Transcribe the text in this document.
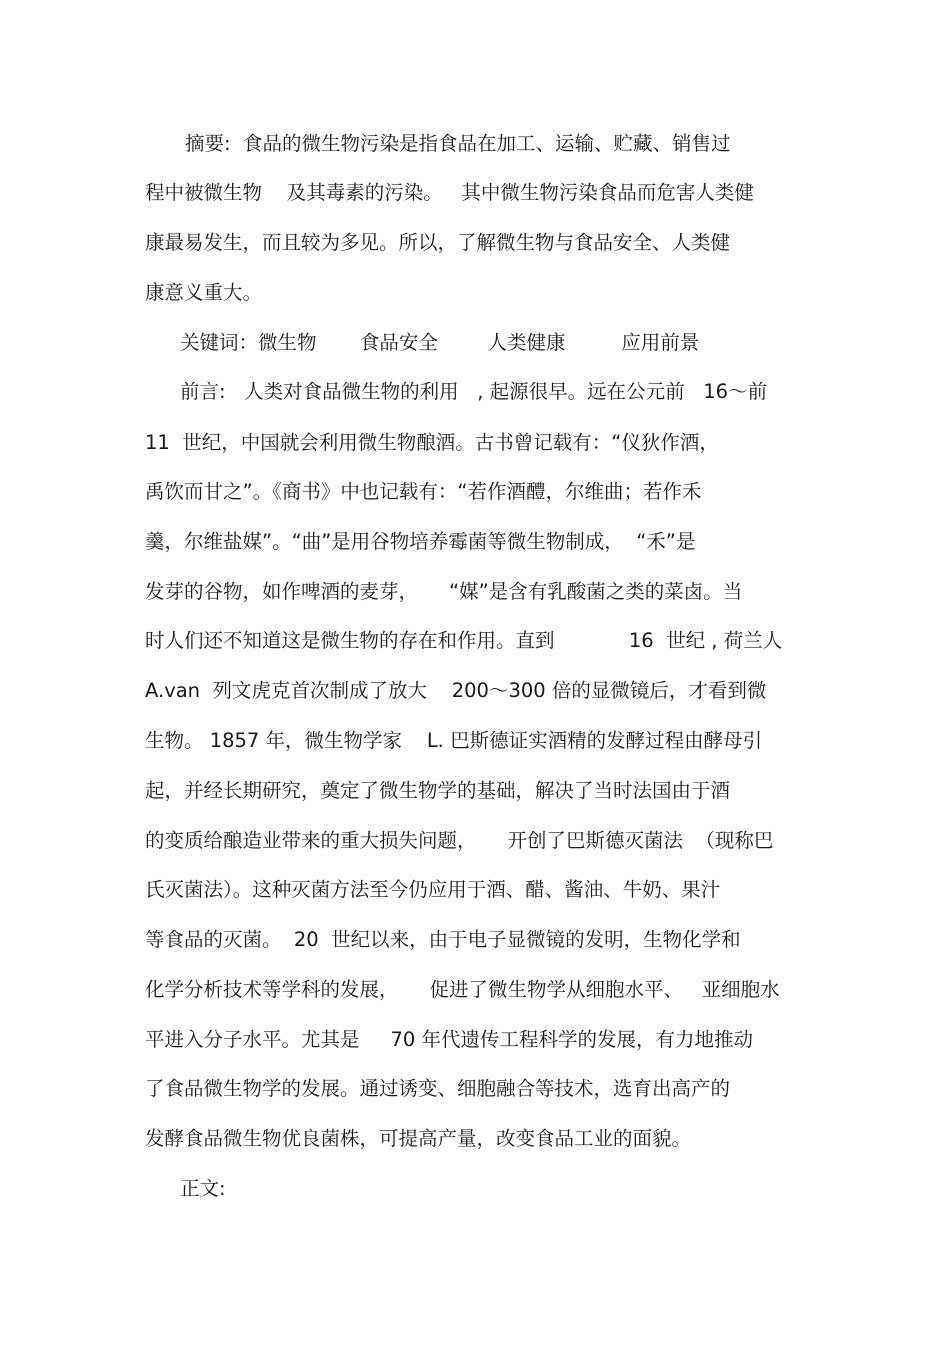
摘要:  食品的微生物污染是指食品在加工、运输、贮藏、销售过
程中被微生物    及其毒素的污染。   其中微生物污染食品而危害人类健
康最易发生，而且较为多见。所以，了解微生物与食品安全、人类健
康意义重大。
关键词：微生物       食品安全        人类健康         应用前景
前言:   人类对食品微生物的利用   , 起源很早。远在公元前   16～前
11  世纪，中国就会利用微生物酿酒。古书曾记载有：“仪狄作酒，
禹饮而甘之”。《商书》中也记载有：“若作酒醴，尔维曲；若作禾
羹，尔维盐媒”。“曲”是用谷物培养霉菌等微生物制成，  “禾”是
发芽的谷物，如作啤酒的麦芽，     “媒”是含有乳酸菌之类的菜卤。当
时人们还不知道这是微生物的存在和作用。直到            16  世纪 , 荷兰人
A.van  列文虎克首次制成了放大    200～300 倍的显微镜后，才看到微
生物。 1857 年，微生物学家    L. 巴斯德证实酒精的发酵过程由酵母引
起，并经长期研究，奠定了微生物学的基础，解决了当时法国由于酒
的变质给酿造业带来的重大损失问题，     开创了巴斯德灭菌法  （现称巴
氏灭菌法）。这种灭菌方法至今仍应用于酒、醋、酱油、牛奶、果汁
等食品的灭菌。  20  世纪以来，由于电子显微镜的发明，生物化学和
化学分析技术等学科的发展，     促进了微生物学从细胞水平、   亚细胞水
平进入分子水平。尤其是     70 年代遗传工程科学的发展，有力地推动
了食品微生物学的发展。通过诱变、细胞融合等技术，选育出高产的
发酵食品微生物优良菌株，可提高产量，改变食品工业的面貌。
正文:
